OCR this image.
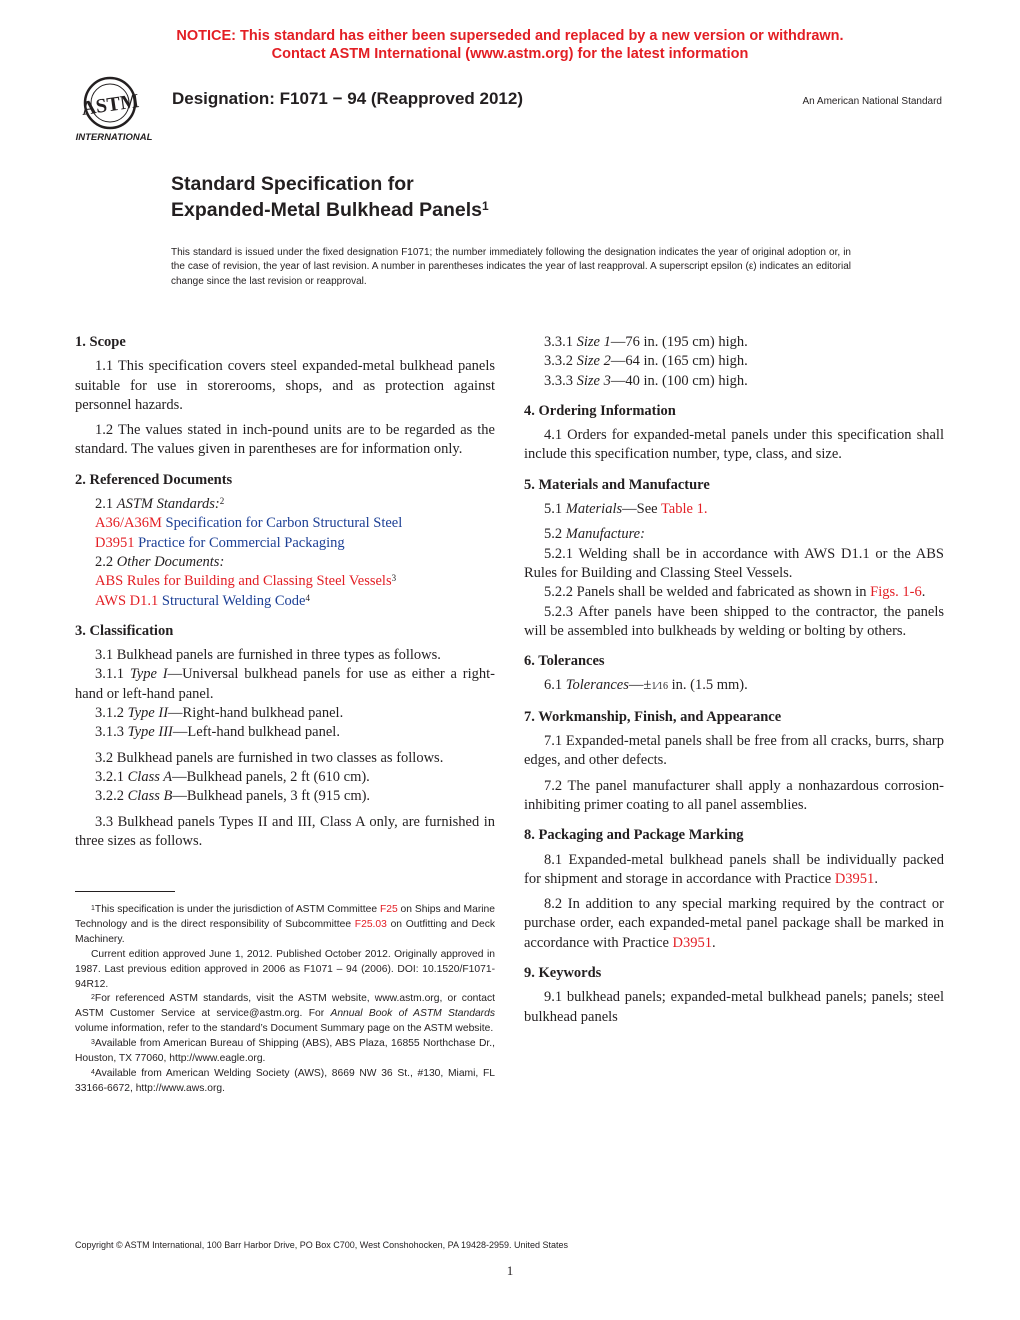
NOTICE: This standard has either been superseded and replaced by a new version or withdrawn.
Contact ASTM International (www.astm.org) for the latest information
ASTM
INTERNATIONAL
Designation: F1071 − 94 (Reapproved 2012)	An American National Standard
Standard Specification for
Expanded-Metal Bulkhead Panels$^1$
This standard is issued under the fixed designation F1071; the number immediately following the designation indicates the year of original adoption or, in the case of revision, the year of last revision. A number in parentheses indicates the year of last reapproval. A superscript epsilon (ε) indicates an editorial change since the last revision or reapproval.
1. Scope
1.1 This specification covers steel expanded-metal bulkhead panels suitable for use in storerooms, shops, and as protection against personnel hazards.
1.2 The values stated in inch-pound units are to be regarded as the standard. The values given in parentheses are for information only.
2. Referenced Documents
2.1 ASTM Standards:$^2$
A36/A36M Specification for Carbon Structural Steel
D3951 Practice for Commercial Packaging
2.2 Other Documents:
ABS Rules for Building and Classing Steel Vessels$^3$
AWS D1.1 Structural Welding Code$^4$
3. Classification
3.1 Bulkhead panels are furnished in three types as follows.
3.1.1 Type I—Universal bulkhead panels for use as either a right-hand or left-hand panel.
3.1.2 Type II—Right-hand bulkhead panel.
3.1.3 Type III—Left-hand bulkhead panel.
3.2 Bulkhead panels are furnished in two classes as follows.
3.2.1 Class A—Bulkhead panels, 2 ft (610 cm).
3.2.2 Class B—Bulkhead panels, 3 ft (915 cm).
3.3 Bulkhead panels Types II and III, Class A only, are furnished in three sizes as follows.
$^1$This specification is under the jurisdiction of ASTM Committee F25 on Ships and Marine Technology and is the direct responsibility of Subcommittee F25.03 on Outfitting and Deck Machinery.
Current edition approved June 1, 2012. Published October 2012. Originally approved in 1987. Last previous edition approved in 2006 as F1071 – 94 (2006). DOI: 10.1520/F1071-94R12.
$^2$For referenced ASTM standards, visit the ASTM website, www.astm.org, or contact ASTM Customer Service at service@astm.org. For Annual Book of ASTM Standards volume information, refer to the standard’s Document Summary page on the ASTM website.
$^3$Available from American Bureau of Shipping (ABS), ABS Plaza, 16855 Northchase Dr., Houston, TX 77060, http://www.eagle.org.
$^4$Available from American Welding Society (AWS), 8669 NW 36 St., #130, Miami, FL 33166-6672, http://www.aws.org.
3.3.1 Size 1—76 in. (195 cm) high.
3.3.2 Size 2—64 in. (165 cm) high.
3.3.3 Size 3—40 in. (100 cm) high.
4. Ordering Information
4.1 Orders for expanded-metal panels under this specification shall include this specification number, type, class, and size.
5. Materials and Manufacture
5.1 Materials—See Table 1.
5.2 Manufacture:
5.2.1 Welding shall be in accordance with AWS D1.1 or the ABS Rules for Building and Classing Steel Vessels.
5.2.2 Panels shall be welded and fabricated as shown in Figs. 1-6.
5.2.3 After panels have been shipped to the contractor, the panels will be assembled into bulkheads by welding or bolting by others.
6. Tolerances
6.1 Tolerances—±1⁄16 in. (1.5 mm).
7. Workmanship, Finish, and Appearance
7.1 Expanded-metal panels shall be free from all cracks, burrs, sharp edges, and other defects.
7.2 The panel manufacturer shall apply a nonhazardous corrosion-inhibiting primer coating to all panel assemblies.
8. Packaging and Package Marking
8.1 Expanded-metal bulkhead panels shall be individually packed for shipment and storage in accordance with Practice D3951.
8.2 In addition to any special marking required by the contract or purchase order, each expanded-metal panel package shall be marked in accordance with Practice D3951.
9. Keywords
9.1 bulkhead panels; expanded-metal bulkhead panels; panels; steel bulkhead panels
Copyright © ASTM International, 100 Barr Harbor Drive, PO Box C700, West Conshohocken, PA 19428-2959. United States
1
